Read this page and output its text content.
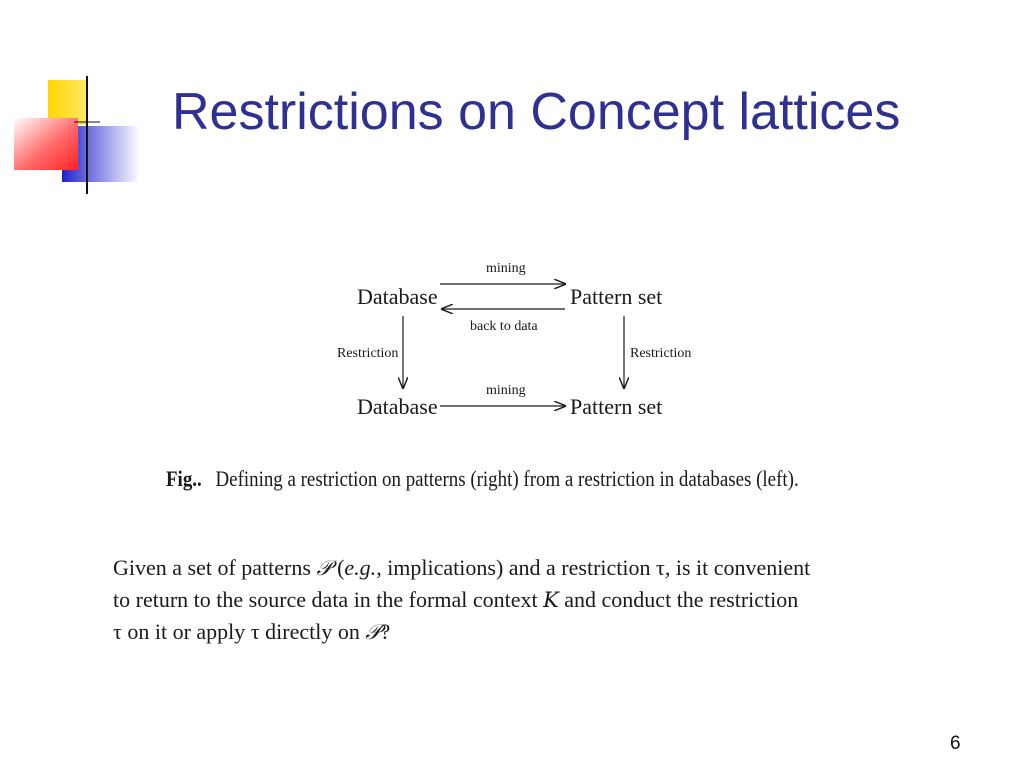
Restrictions on Concept lattices
Database	Pattern set
Database	Pattern set
mining
back to data
Restriction	Restriction
mining
Fig.. Defining a restriction on patterns (right) from a restriction in databases (left).
Given a set of patterns 𝒫 (e.g., implications) and a restriction τ, is it convenient
to return to the source data in the formal context K and conduct the restriction
τ on it or apply τ directly on 𝒫?
6
